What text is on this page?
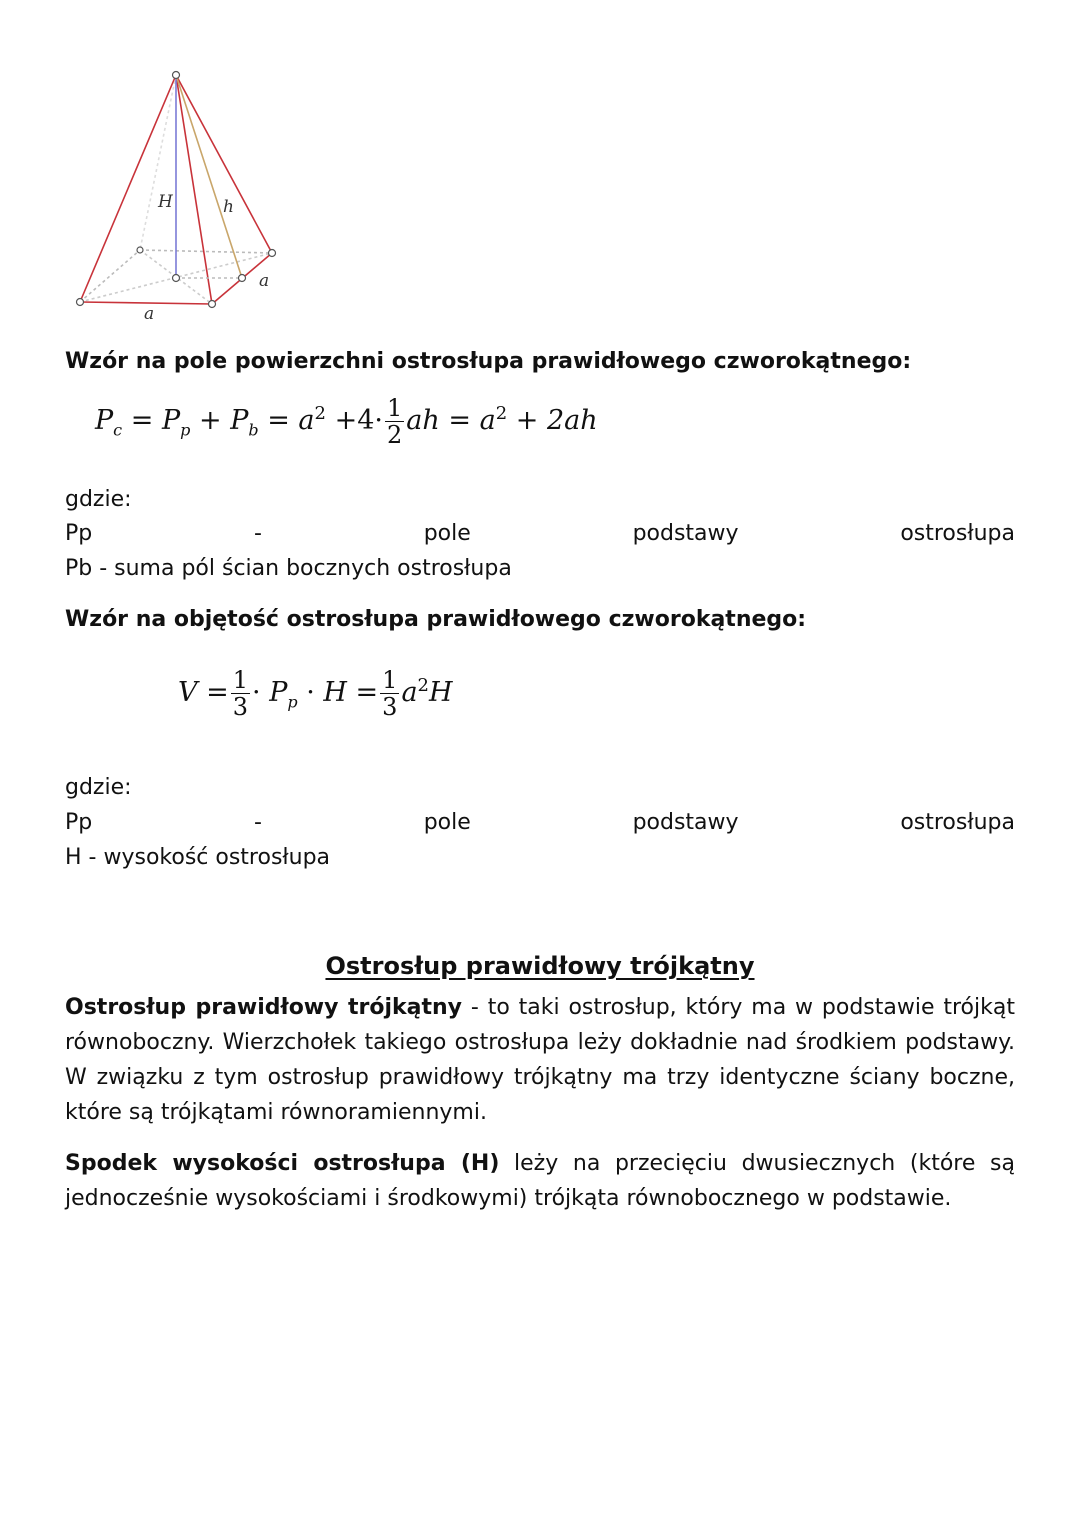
H	h
a
a
Wzór na pole powierzchni ostrosłupa prawidłowego czworokątnego:
$P_c = P_p + P_b = a^2 +4\cdot \frac{1}{2}$ ah = $a^2 + 2ah$
gdzie:
Pp	-	pole	podstawy	ostrosłupa
Pb - suma pól ścian bocznych ostrosłupa
Wzór na objętość ostrosłupa prawidłowego czworokątnego:
$V = \frac{1}{3} \cdot P_p \cdot H = \frac{1}{3} a^2H$
gdzie:
Pp	-	pole	podstawy	ostrosłupa
H - wysokość ostrosłupa
Ostrosłup prawidłowy trójkątny
Ostrosłup prawidłowy trójkątny - to taki ostrosłup, który ma w podstawie trójkąt równoboczny. Wierzchołek takiego ostrosłupa leży dokładnie nad środkiem podstawy. W związku z tym ostrosłup prawidłowy trójkątny ma trzy identyczne ściany boczne, które są trójkątami równoramiennymi.
Spodek wysokości ostrosłupa (H) leży na przecięciu dwusiecznych (które są jednocześnie wysokościami i środkowymi) trójkąta równobocznego w podstawie.
